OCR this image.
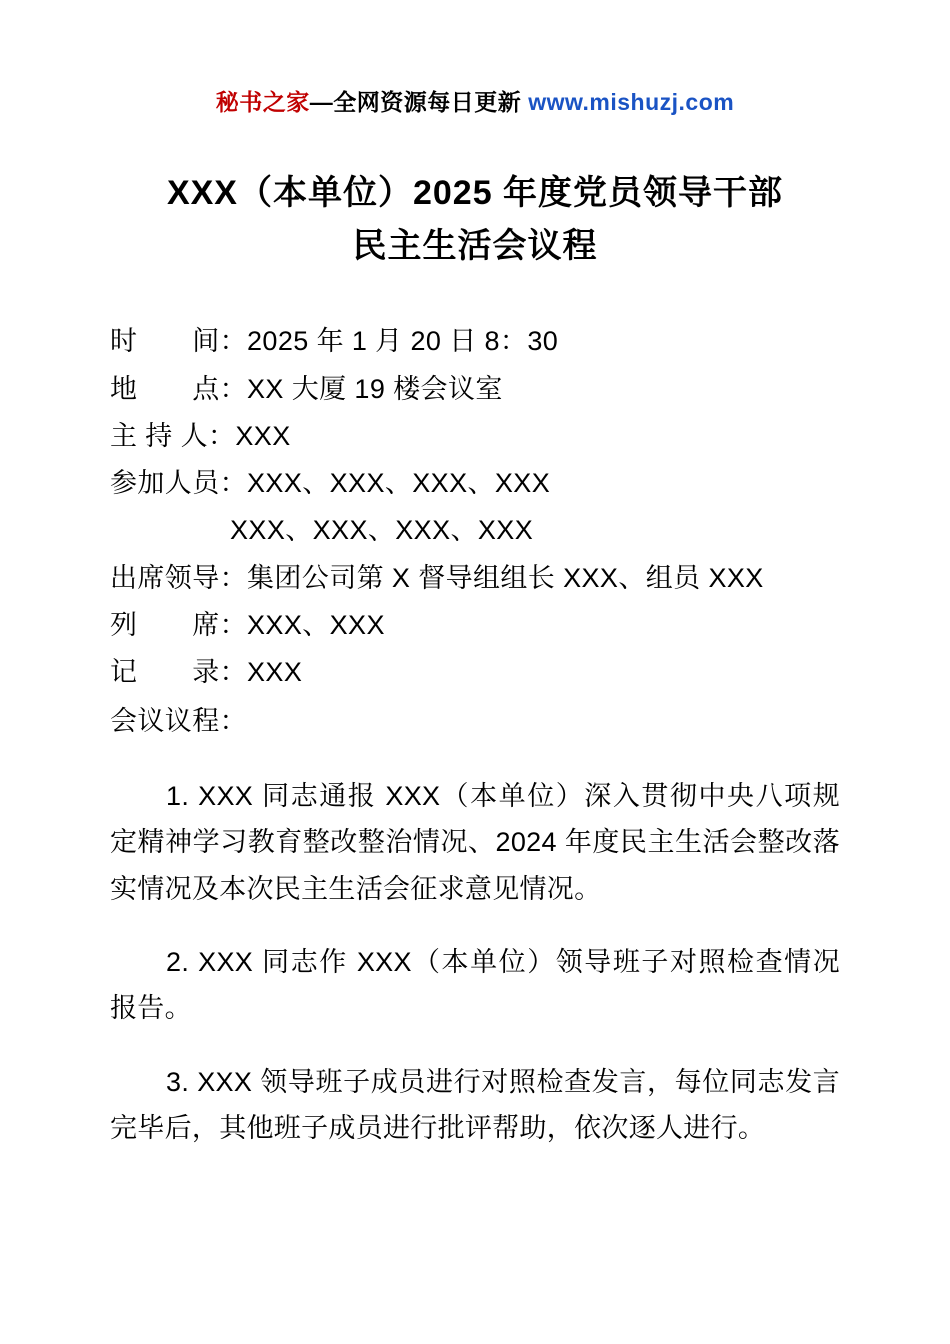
秘书之家—全网资源每日更新 www.mishuzj.com
XXX（本单位）2025 年度党员领导干部
民主生活会议程
时　　间：2025 年 1 月 20 日 8：30
地　　点：XX 大厦 19 楼会议室
主 持 人：XXX
参加人员：XXX、XXX、XXX、XXX
XXX、XXX、XXX、XXX
出席领导：集团公司第 X 督导组组长 XXX、组员 XXX
列　　席：XXX、XXX
记　　录：XXX
会议议程：

1. XXX 同志通报 XXX（本单位）深入贯彻中央八项规定精神学习教育整改整治情况、2024 年度民主生活会整改落实情况及本次民主生活会征求意见情况。

2. XXX 同志作 XXX（本单位）领导班子对照检查情况报告。

3. XXX 领导班子成员进行对照检查发言，每位同志发言完毕后，其他班子成员进行批评帮助，依次逐人进行。
